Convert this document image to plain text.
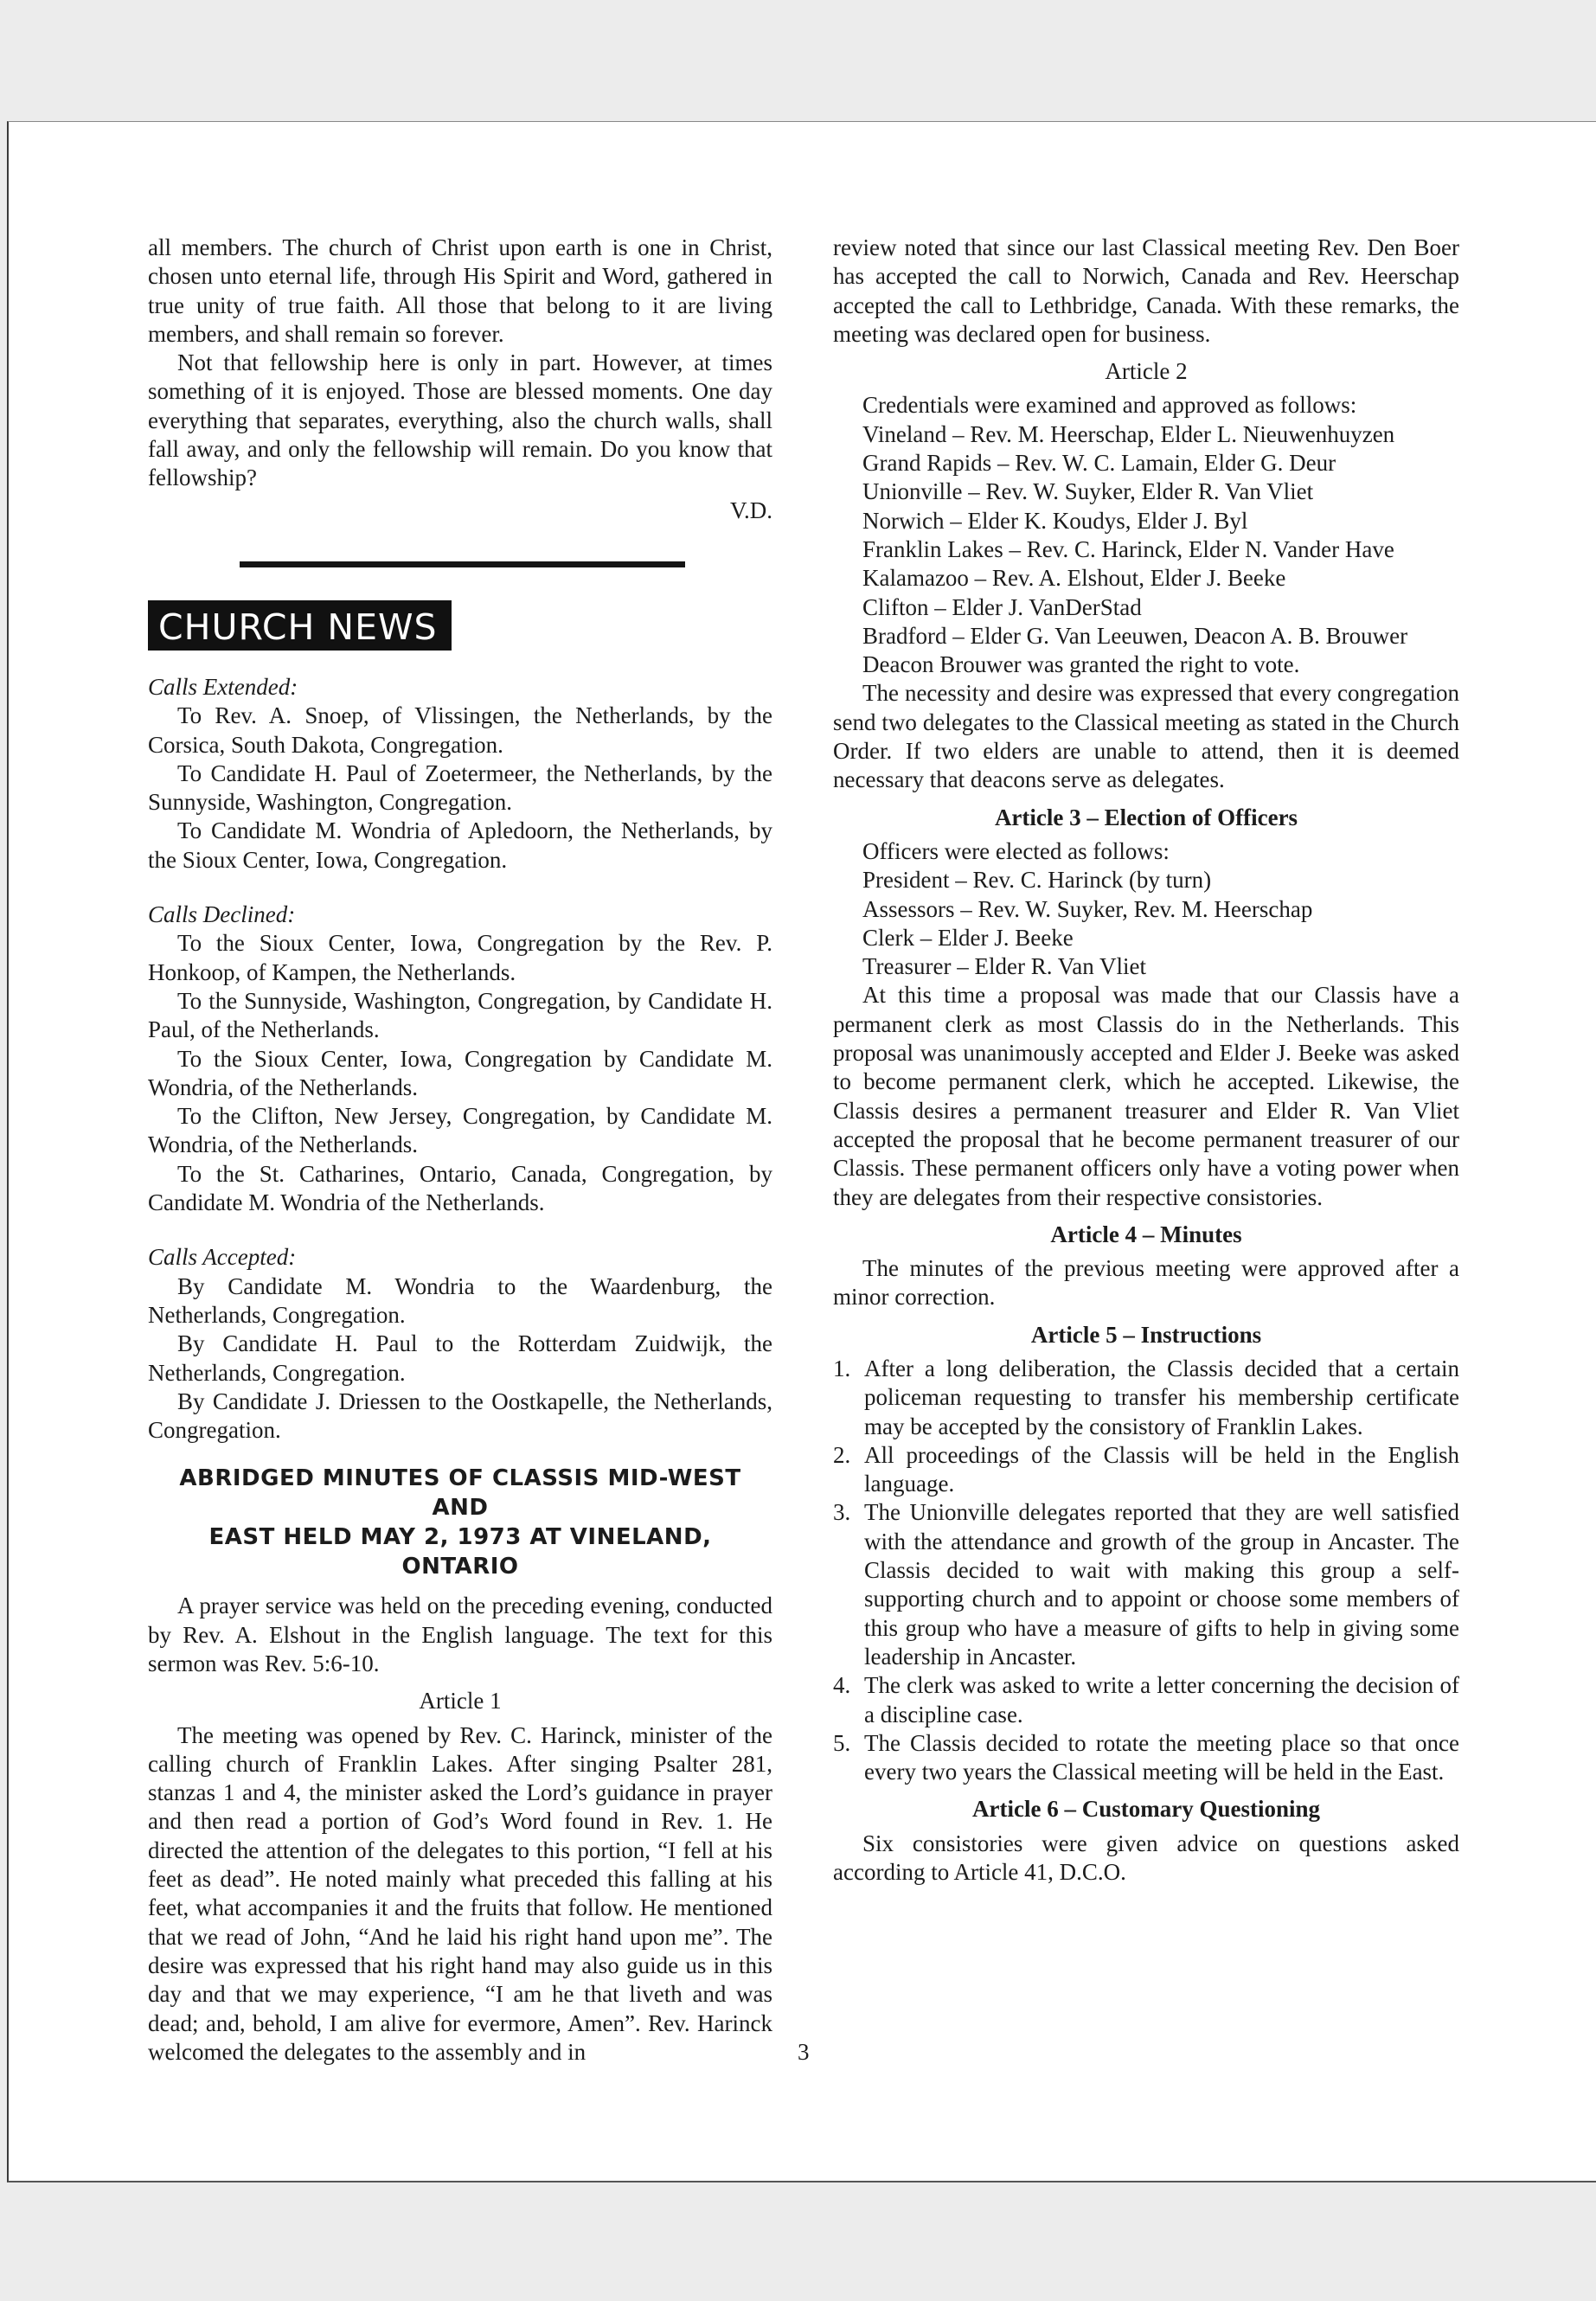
all members. The church of Christ upon earth is one in Christ, chosen unto eternal life, through His Spirit and Word, gathered in true unity of true faith. All those that belong to it are living members, and shall remain so forever.

Not that fellowship here is only in part. However, at times something of it is enjoyed. Those are blessed moments. One day everything that separates, everything, also the church walls, shall fall away, and only the fellowship will remain. Do you know that fellowship?

V.D.

CHURCH NEWS

Calls Extended:

To Rev. A. Snoep, of Vlissingen, the Netherlands, by the Corsica, South Dakota, Congregation.

To Candidate H. Paul of Zoetermeer, the Netherlands, by the Sunnyside, Washington, Congregation.

To Candidate M. Wondria of Apledoorn, the Netherlands, by the Sioux Center, Iowa, Congregation.

Calls Declined:

To the Sioux Center, Iowa, Congregation by the Rev. P. Honkoop, of Kampen, the Netherlands.

To the Sunnyside, Washington, Congregation, by Candidate H. Paul, of the Netherlands.

To the Sioux Center, Iowa, Congregation by Candidate M. Wondria, of the Netherlands.

To the Clifton, New Jersey, Congregation, by Candidate M. Wondria, of the Netherlands.

To the St. Catharines, Ontario, Canada, Congregation, by Candidate M. Wondria of the Netherlands.

Calls Accepted:

By Candidate M. Wondria to the Waardenburg, the Netherlands, Congregation.

By Candidate H. Paul to the Rotterdam Zuidwijk, the Netherlands, Congregation.

By Candidate J. Driessen to the Oostkapelle, the Netherlands, Congregation.

ABRIDGED MINUTES OF CLASSIS MID-WEST AND
EAST HELD MAY 2, 1973 AT VINELAND, ONTARIO

A prayer service was held on the preceding evening, conducted by Rev. A. Elshout in the English language. The text for this sermon was Rev. 5:6-10.

Article 1

The meeting was opened by Rev. C. Harinck, minister of the calling church of Franklin Lakes. After singing Psalter 281, stanzas 1 and 4, the minister asked the Lord’s guidance in prayer and then read a portion of God’s Word found in Rev. 1. He directed the attention of the delegates to this portion, “I fell at his feet as dead”. He noted mainly what preceded this falling at his feet, what accompanies it and the fruits that follow. He mentioned that we read of John, “And he laid his right hand upon me”. The desire was expressed that his right hand may also guide us in this day and that we may experience, “I am he that liveth and was dead; and, behold, I am alive for evermore, Amen”. Rev. Harinck welcomed the delegates to the assembly and in

review noted that since our last Classical meeting Rev. Den Boer has accepted the call to Norwich, Canada and Rev. Heerschap accepted the call to Lethbridge, Canada. With these remarks, the meeting was declared open for business.

Article 2

Credentials were examined and approved as follows:

Vineland – Rev. M. Heerschap, Elder L. Nieuwenhuyzen

Grand Rapids – Rev. W. C. Lamain, Elder G. Deur

Unionville – Rev. W. Suyker, Elder R. Van Vliet

Norwich – Elder K. Koudys, Elder J. Byl

Franklin Lakes – Rev. C. Harinck, Elder N. Vander Have

Kalamazoo – Rev. A. Elshout, Elder J. Beeke

Clifton – Elder J. VanDerStad

Bradford – Elder G. Van Leeuwen, Deacon A. B. Brouwer

Deacon Brouwer was granted the right to vote.

The necessity and desire was expressed that every congregation send two delegates to the Classical meeting as stated in the Church Order. If two elders are unable to attend, then it is deemed necessary that deacons serve as delegates.

Article 3 – Election of Officers

Officers were elected as follows:

President – Rev. C. Harinck (by turn)

Assessors – Rev. W. Suyker, Rev. M. Heerschap

Clerk – Elder J. Beeke

Treasurer – Elder R. Van Vliet

At this time a proposal was made that our Classis have a permanent clerk as most Classis do in the Netherlands. This proposal was unanimously accepted and Elder J. Beeke was asked to become permanent clerk, which he accepted. Likewise, the Classis desires a permanent treasurer and Elder R. Van Vliet accepted the proposal that he become permanent treasurer of our Classis. These permanent officers only have a voting power when they are delegates from their respective consistories.

Article 4 – Minutes

The minutes of the previous meeting were approved after a minor correction.

Article 5 – Instructions
1. After a long deliberation, the Classis decided that a certain policeman requesting to transfer his membership certificate may be accepted by the consistory of Franklin Lakes.
2. All proceedings of the Classis will be held in the English language.
3. The Unionville delegates reported that they are well satisfied with the attendance and growth of the group in Ancaster. The Classis decided to wait with making this group a self-supporting church and to appoint or choose some members of this group who have a measure of gifts to help in giving some leadership in Ancaster.
4. The clerk was asked to write a letter concerning the decision of a discipline case.
5. The Classis decided to rotate the meeting place so that once every two years the Classical meeting will be held in the East.
Article 6 – Customary Questioning

Six consistories were given advice on questions asked according to Article 41, D.C.O.

3
